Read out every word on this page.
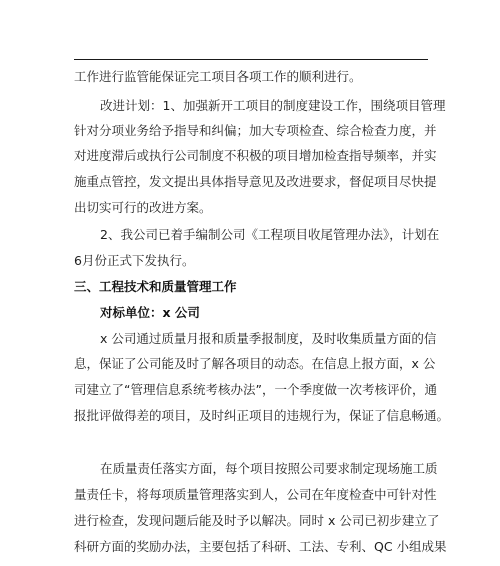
工作进行监管能保证完工项目各项工作的顺利进行。
改进计划：1、加强新开工项目的制度建设工作，围绕项目管理
针对分项业务给予指导和纠偏；加大专项检查、综合检查力度，并
对进度滞后或执行公司制度不积极的项目增加检查指导频率，并实
施重点管控，发文提出具体指导意见及改进要求，督促项目尽快提
出切实可行的改进方案。
2、我公司已着手编制公司《工程项目收尾管理办法》，计划在
6月份正式下发执行。
三、工程技术和质量管理工作
对标单位：x 公司
x 公司通过质量月报和质量季报制度，及时收集质量方面的信
息，保证了公司能及时了解各项目的动态。在信息上报方面，x 公
司建立了“管理信息系统考核办法”，一个季度做一次考核评价，通
报批评做得差的项目，及时纠正项目的违规行为，保证了信息畅通。
在质量责任落实方面，每个项目按照公司要求制定现场施工质
量责任卡，将每项质量管理落实到人，公司在年度检查中可针对性
进行检查，发现问题后能及时予以解决。同时 x 公司已初步建立了
科研方面的奖励办法，主要包括了科研、工法、专利、QC 小组成果
